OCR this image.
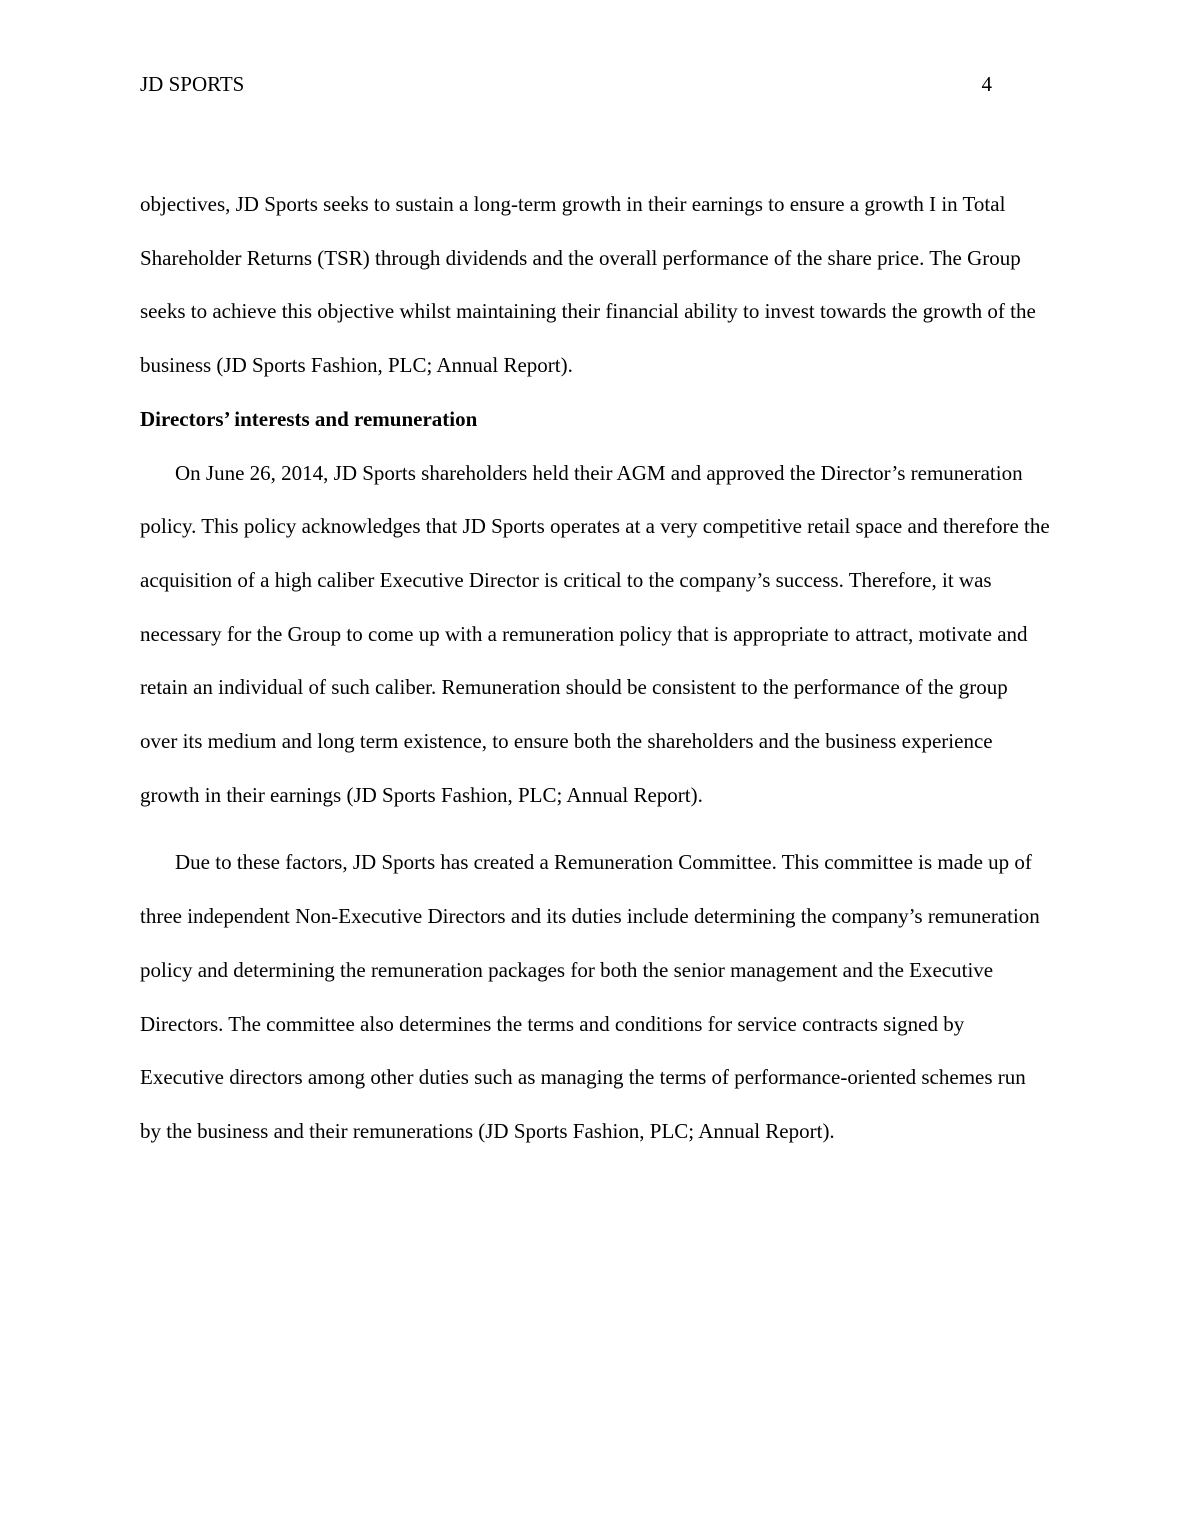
JD SPORTS	4

objectives, JD Sports seeks to sustain a long-term growth in their earnings to ensure a growth I in Total Shareholder Returns (TSR) through dividends and the overall performance of the share price. The Group seeks to achieve this objective whilst maintaining their financial ability to invest towards the growth of the business (JD Sports Fashion, PLC; Annual Report).

Directors’ interests and remuneration

On June 26, 2014, JD Sports shareholders held their AGM and approved the Director’s remuneration policy. This policy acknowledges that JD Sports operates at a very competitive retail space and therefore the acquisition of a high caliber Executive Director is critical to the company’s success. Therefore, it was necessary for the Group to come up with a remuneration policy that is appropriate to attract, motivate and retain an individual of such caliber. Remuneration should be consistent to the performance of the group over its medium and long term existence, to ensure both the shareholders and the business experience growth in their earnings (JD Sports Fashion, PLC; Annual Report).

Due to these factors, JD Sports has created a Remuneration Committee. This committee is made up of three independent Non-Executive Directors and its duties include determining the company’s remuneration policy and determining the remuneration packages for both the senior management and the Executive Directors. The committee also determines the terms and conditions for service contracts signed by Executive directors among other duties such as managing the terms of performance-oriented schemes run by the business and their remunerations (JD Sports Fashion, PLC; Annual Report).
